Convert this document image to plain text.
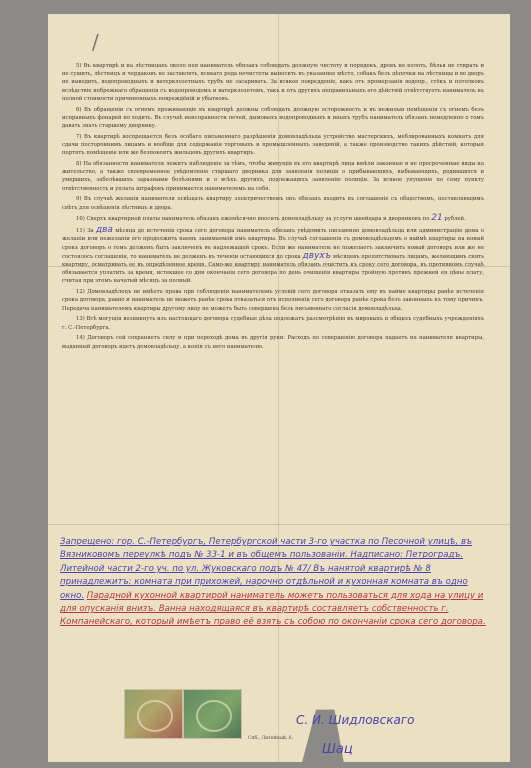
/

5) Въ квартирѣ и на лѣстницахъ около нея наниматель обязанъ соблюдать должную чистоту и порядокъ, дровъ не колоть, бѣлья не стирать и не сушить, лѣстницъ и чердаковъ не заставлять, всякаго рода нечистоты выносить въ указанное мѣсто, собакъ безъ цѣпочки на лѣстницы и во дворъ не выводить, водопроводныхъ и ватерклозетныхъ трубъ не засаривать. За всякое повредденіе, какъ отъ промерзанія водопр., стёкъ и потолковъ вслѣдствіе небрежнаго обращенія съ водопроводомъ и ватерклозетомъ, такъ и отъ другихъ неправильныхъ его дѣйствій отвѣтствуетъ наниматель въ полной стоимости причиненныхъ повреждёній и убытковъ.

6) Въ обращеніи съ огнемъ проживающіе въ квартирѣ должны соблюдать должную осторожность и въ нежилыя помѣщенія съ огнемъ безъ исправныхъ фонарей не ходить. Въ случаѣ неисправности печей, дымовыхъ водопроводныхъ и иныхъ трубъ наниматель обязанъ немедленно о томъ давать знать старшему дворнику.

7) Въ квартирѣ воспрещается безъ особаго письменнаго разрѣшенія домовладѣльца устройство мастерскихъ, меблированныхъ комнатъ для сдачи постороннимъ лицамъ и вообще для содержанія торговыхъ и промышленныхъ заведеній, а также производство такихъ дѣйствій, которыя портятъ помѣщеніе или же безпокоятъ жильцовъ другихъ квартиръ.

8) На обязанности нанимателя лежитъ наблюденіе за тѣмъ, чтобы живущія въ его квартирѣ лица имѣли законные и не просроченные виды на жительство, а также своевременное увѣдомленіе старшаго дворника для заявленія полиціи о прибывающихъ, выбывающихъ, родившихся и умершихъ, заболѣвшихъ заразными болѣзнями и о всѣхъ другихъ, подлежащихъ заявленію полиціи. За всякое упущеніе по сему пункту отвѣтственность и уплата штрафовъ принимается нанимателемъ на себя.

9) Въ случаѣ желанія нанимателя освѣщать квартиру электричествомъ онъ обязанъ входить въ соглашеніе съ обществомъ, поставляющимъ свѣтъ для освѣщенія лѣстницъ и двора.

10) Сверхъ квартирной платы наниматель обязанъ ежемѣсячно вносить домовладѣльцу за услуги швейцара и дворниковъ по 21 рублей.

11) За два мѣсяца до истеченія срока сего договора наниматель обязанъ увѣдомить письменно домовладѣльца или администрацію дома о желаніи или нежеланіи его продолжить наемъ занимаемой имъ квартиры. Въ случаѣ соглашенія съ домовладѣльцемъ о наймѣ квартиры на новый срокъ договоръ о томъ долженъ быть заключенъ въ надлежащей срокъ. Если же наниматель не пожелаетъ заключить новый договоръ или же не состоялось соглашенія, то наниматель не долженъ въ теченіи остающихся до срока двухъ мѣсяцевъ препятствовать лицамъ, желающимъ снять квартиру, осматривать ее въ опредѣленное время. Само-же квартиру наниматель обязанъ очистить къ сроку сего договора, въ противномъ случаѣ обязывается уплатить за время, истекшее со дня окончанія сего договора по день очищенія квартиры тройную противъ прежней ея цѣны плату, считая при этомъ начатый мѣсяцъ за полный.

12) Домовладѣлецъ не имѣетъ права при соблюденіи нанимателемъ условій сего договора отказать ему въ найме квартиры ранѣе истеченія срока договора, равно и наниматель не можетъ ранѣе срока отказаться отъ исполненія сего договора ранѣе срока безъ законныхъ къ тому причинъ. Передача нанимателемъ квартиры другому лицу не можетъ быть совершена безъ письменнаго согласія домовладѣльца.

13) Всѣ могущія возникнуть изъ настоящаго договора судебные дѣла подлежатъ разсмотрѣнію въ мировыхъ и общихъ судебныхъ учрежденіяхъ г. С.-Петербурга.

14) Договоръ сей сохраняетъ силу и при переходѣ дома въ другія руки. Расходъ по совершенію договора падаетъ на нанимателя квартиры, выданный договоръ идетъ домовладѣльцу, а копія съ него нанимателю.

Запрещено: гор. С.-Петербургъ, Петербургской части 3-го участка по Песочной улицѣ, въ Вязниковомъ переулкѣ подъ № 33-1 и въ общемъ пользованіи. Надписано: Петроградъ. Литейной части 2-го уч. по ул. Жуковскаго подъ № 47/ Въ нанятой квартирѣ № 8 принадлежитъ: комната при прихожей, нарочно отдѣльной и кухонная комната въ одно окно. Парадной кухонной квартирой наниматель можетъ пользоваться для хода на улицу и для опусканія внизъ. Ванна находящаяся въ квартирѣ составляетъ собственность г. Компанейскаго, который имѣетъ право её взять съ собою по окончаніи срока сего договора.
Спб., Литейный, 6.
С. И. Шидловскаго
Шац
